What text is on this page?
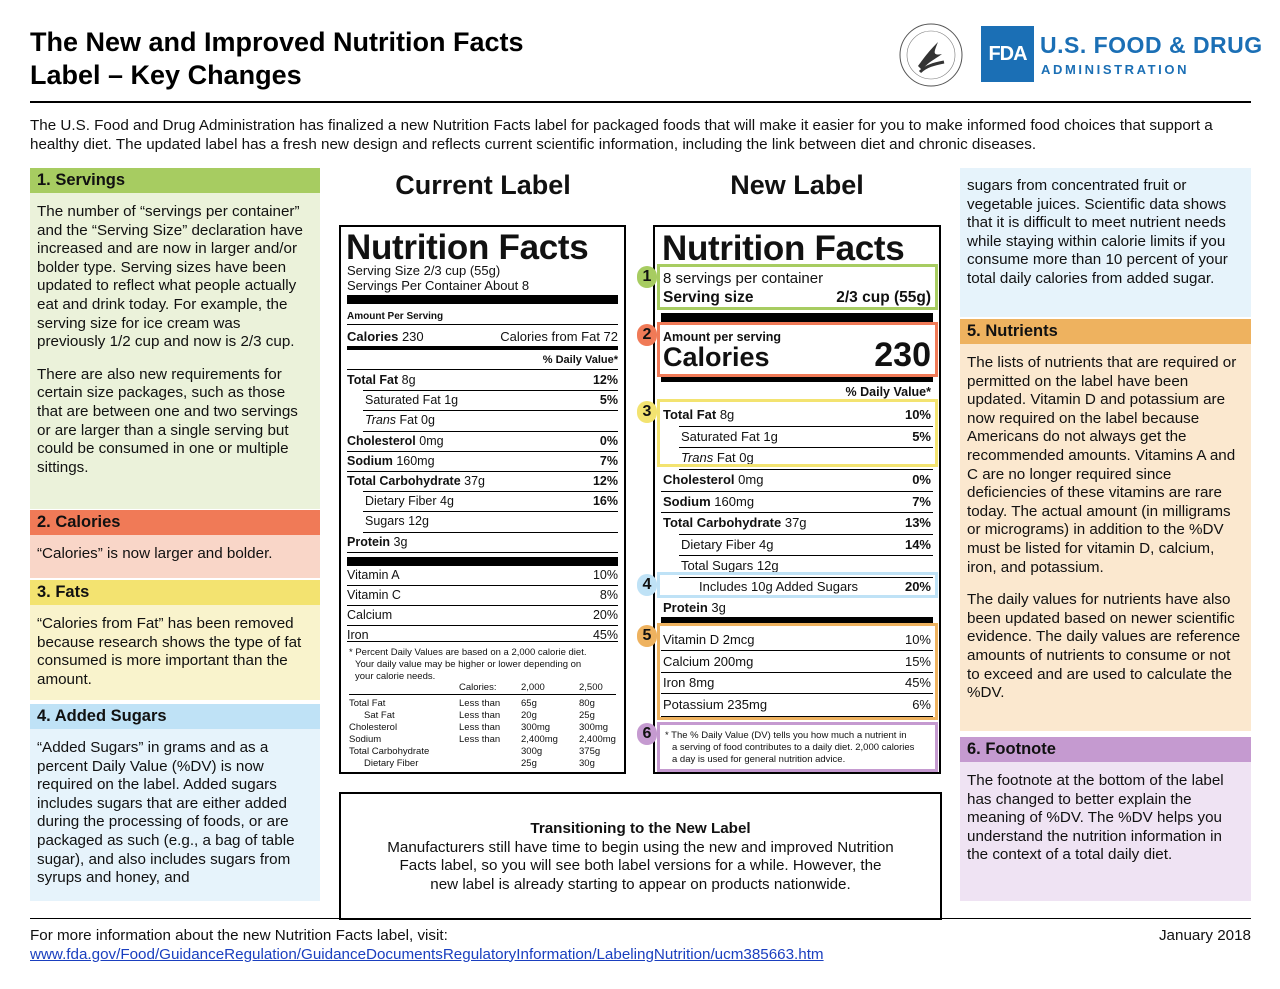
The New and Improved Nutrition Facts
Label – Key Changes
FDA U.S. FOOD & DRUG
ADMINISTRATION
The U.S. Food and Drug Administration has finalized a new Nutrition Facts label for packaged foods that will make it easier for you to make informed food choices that support a healthy diet. The updated label has a fresh new design and reflects current scientific information, including the link between diet and chronic diseases.
1. Servings

The number of “servings per container” and the “Serving Size” declaration have increased and are now in larger and/or bolder type. Serving sizes have been updated to reflect what people actually eat and drink today. For example, the serving size for ice cream was previously 1/2 cup and now is 2/3 cup.

There are also new requirements for certain size packages, such as those that are between one and two servings or are larger than a single serving but could be consumed in one or multiple sittings.

2. Calories

“Calories” is now larger and bolder.

3. Fats

“Calories from Fat” has been removed because research shows the type of fat consumed is more important than the amount.

4. Added Sugars

“Added Sugars” in grams and as a percent Daily Value (%DV) is now required on the label. Added sugars includes sugars that are either added during the processing of foods, or are packaged as such (e.g., a bag of table sugar), and also includes sugars from syrups and honey, and

sugars from concentrated fruit or vegetable juices. Scientific data shows that it is difficult to meet nutrient needs while staying within calorie limits if you consume more than 10 percent of your total daily calories from added sugar.

5. Nutrients

The lists of nutrients that are required or permitted on the label have been updated. Vitamin D and potassium are now required on the label because Americans do not always get the recommended amounts. Vitamins A and C are no longer required since deficiencies of these vitamins are rare today. The actual amount (in milligrams or micrograms) in addition to the %DV must be listed for vitamin D, calcium, iron, and potassium.

The daily values for nutrients have also been updated based on newer scientific evidence. The daily values are reference amounts of nutrients to consume or not to exceed and are used to calculate the %DV.

6. Footnote

The footnote at the bottom of the label has changed to better explain the meaning of %DV. The %DV helps you understand the nutrition information in the context of a total daily diet.

Current Label	New Label
Nutrition Facts
Serving Size 2/3 cup (55g)
Servings Per Container About 8
Amount Per Serving
Calories 230	Calories from Fat 72
% Daily Value*
* Percent Daily Values are based on a 2,000 calorie diet.
Your daily value may be higher or lower depending on
your calorie needs.
Total Fat 8g	12%
Saturated Fat 1g	5%
Trans Fat 0g
Cholesterol 0mg	0%
Sodium 160mg	7%
Total Carbohydrate 37g	12%
Dietary Fiber 4g	16%
Sugars 12g
Protein 3g
Vitamin A	10%
Vitamin C	8%
Calcium	20%
Iron	45%
Calories:	2,000	2,500
Total Fat	Less than 65g	80g
Sat Fat	Less than 20g	25g
Cholesterol	Less than 300mg	300mg
Sodium	Less than 2,400mg 2,400mg
Total Carbohydrate	300g	375g
Dietary Fiber	25g	30g
Nutrition Facts
8 servings per container
Serving size	2/3 cup (55g)
Amount per serving
Calories	230
% Daily Value*
Includes 10g Added Sugars	20%
Protein 3g
* The % Daily Value (DV) tells you how much a nutrient in
a serving of food contributes to a daily diet. 2,000 calories
a day is used for general nutrition advice.
Total Fat 8g	10%
Saturated Fat 1g	5%
Trans Fat 0g
Cholesterol 0mg	0%
Sodium 160mg	7%
Total Carbohydrate 37g	13%
Dietary Fiber 4g	14%
Total Sugars 12g
Vitamin D 2mcg	10%
Calcium 200mg	15%
Iron 8mg	45%
Potassium 235mg	6%
1
2
3
4
5
6
Transitioning to the New Label
Manufacturers still have time to begin using the new and improved Nutrition
Facts label, so you will see both label versions for a while. However, the
new label is already starting to appear on products nationwide.
For more information about the new Nutrition Facts label, visit:
www.fda.gov/Food/GuidanceRegulation/GuidanceDocumentsRegulatoryInformation/LabelingNutrition/ucm385663.htm
January 2018
